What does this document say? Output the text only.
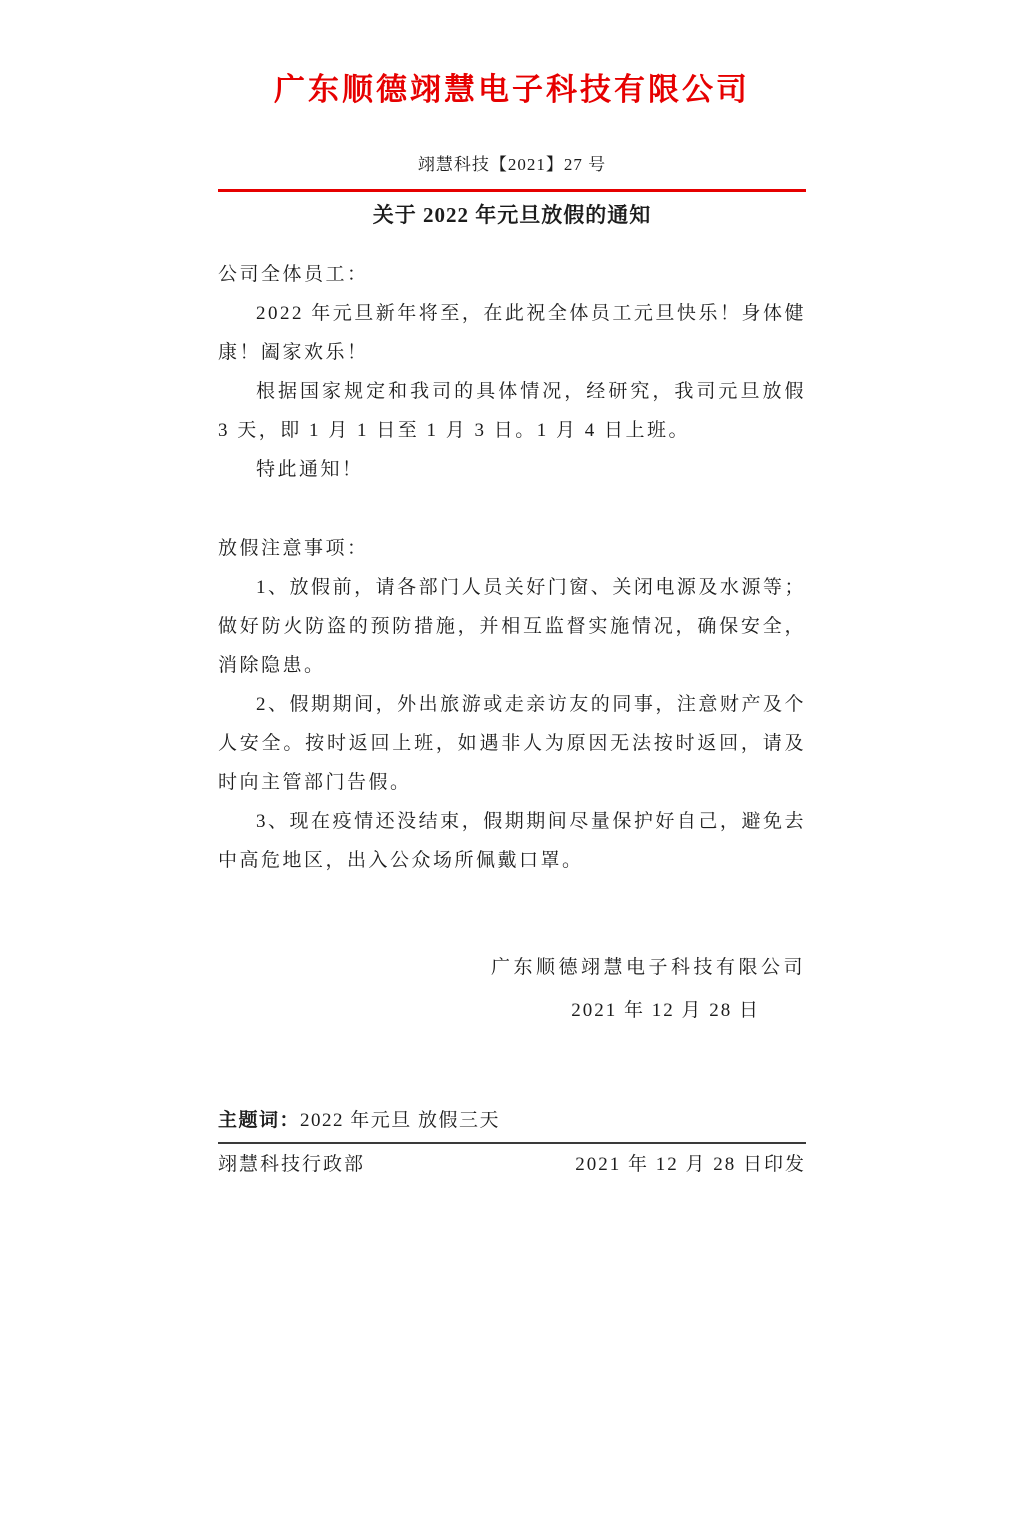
广东顺德翊慧电子科技有限公司
翊慧科技【2021】27 号
关于 2022 年元旦放假的通知

公司全体员工：

2022 年元旦新年将至，在此祝全体员工元旦快乐！身体健康！阖家欢乐！

根据国家规定和我司的具体情况，经研究，我司元旦放假 3 天，即 1 月 1 日至 1 月 3 日。1 月 4 日上班。

特此通知！

放假注意事项：

1、放假前，请各部门人员关好门窗、关闭电源及水源等；做好防火防盗的预防措施，并相互监督实施情况，确保安全，消除隐患。

2、假期期间，外出旅游或走亲访友的同事，注意财产及个人安全。按时返回上班，如遇非人为原因无法按时返回，请及时向主管部门告假。

3、现在疫情还没结束，假期期间尽量保护好自己，避免去中高危地区，出入公众场所佩戴口罩。

广东顺德翊慧电子科技有限公司
2021 年 12 月 28 日
主题词：2022 年元旦 放假三天
翊慧科技行政部	2021 年 12 月 28 日印发
